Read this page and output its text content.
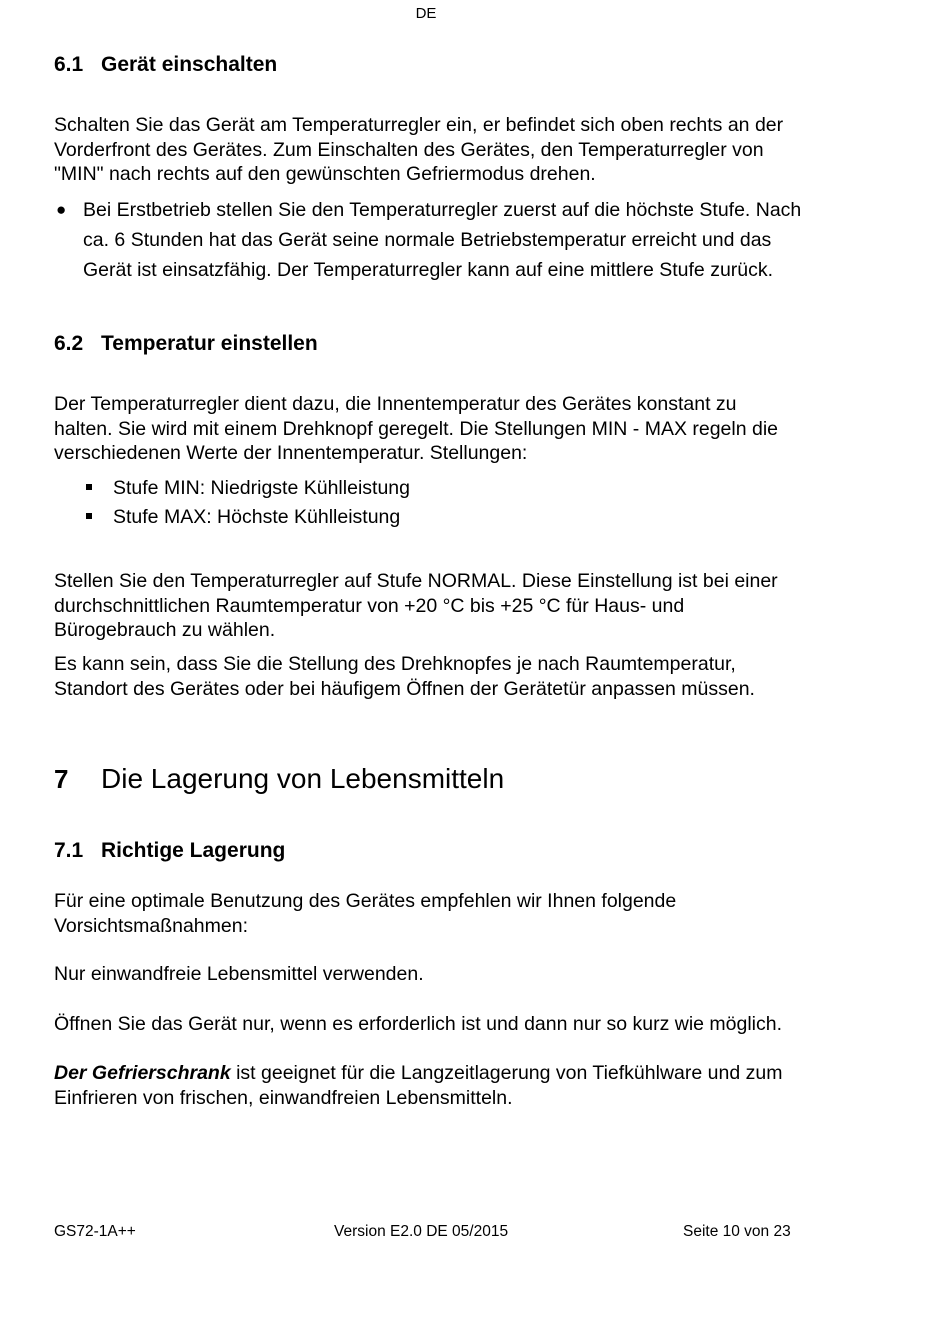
DE
6.1 Gerät einschalten
Schalten Sie das Gerät am Temperaturregler ein, er befindet sich oben rechts an der
Vorderfront des Gerätes. Zum Einschalten des Gerätes, den Temperaturregler von
"MIN" nach rechts auf den gewünschten Gefriermodus drehen.
● Bei Erstbetrieb stellen Sie den Temperaturregler zuerst auf die höchste Stufe. Nach
ca. 6 Stunden hat das Gerät seine normale Betriebstemperatur erreicht und das
Gerät ist einsatzfähig. Der Temperaturregler kann auf eine mittlere Stufe zurück.
6.2 Temperatur einstellen
Der Temperaturregler dient dazu, die Innentemperatur des Gerätes konstant zu
halten. Sie wird mit einem Drehknopf geregelt. Die Stellungen MIN - MAX regeln die
verschiedenen Werte der Innentemperatur. Stellungen:
Stufe MIN: Niedrigste Kühlleistung
Stufe MAX: Höchste Kühlleistung
Stellen Sie den Temperaturregler auf Stufe NORMAL. Diese Einstellung ist bei einer
durchschnittlichen Raumtemperatur von +20 °C bis +25 °C für Haus- und
Bürogebrauch zu wählen.
Es kann sein, dass Sie die Stellung des Drehknopfes je nach Raumtemperatur,
Standort des Gerätes oder bei häufigem Öffnen der Gerätetür anpassen müssen.
7 Die Lagerung von Lebensmitteln
7.1 Richtige Lagerung
Für eine optimale Benutzung des Gerätes empfehlen wir Ihnen folgende
Vorsichtsmaßnahmen:
Nur einwandfreie Lebensmittel verwenden.
Öffnen Sie das Gerät nur, wenn es erforderlich ist und dann nur so kurz wie möglich.
Der Gefrierschrank ist geeignet für die Langzeitlagerung von Tiefkühlware und zum
Einfrieren von frischen, einwandfreien Lebensmitteln.
GS72-1A++	Version E2.0 DE 05/2015	Seite 10 von 23
